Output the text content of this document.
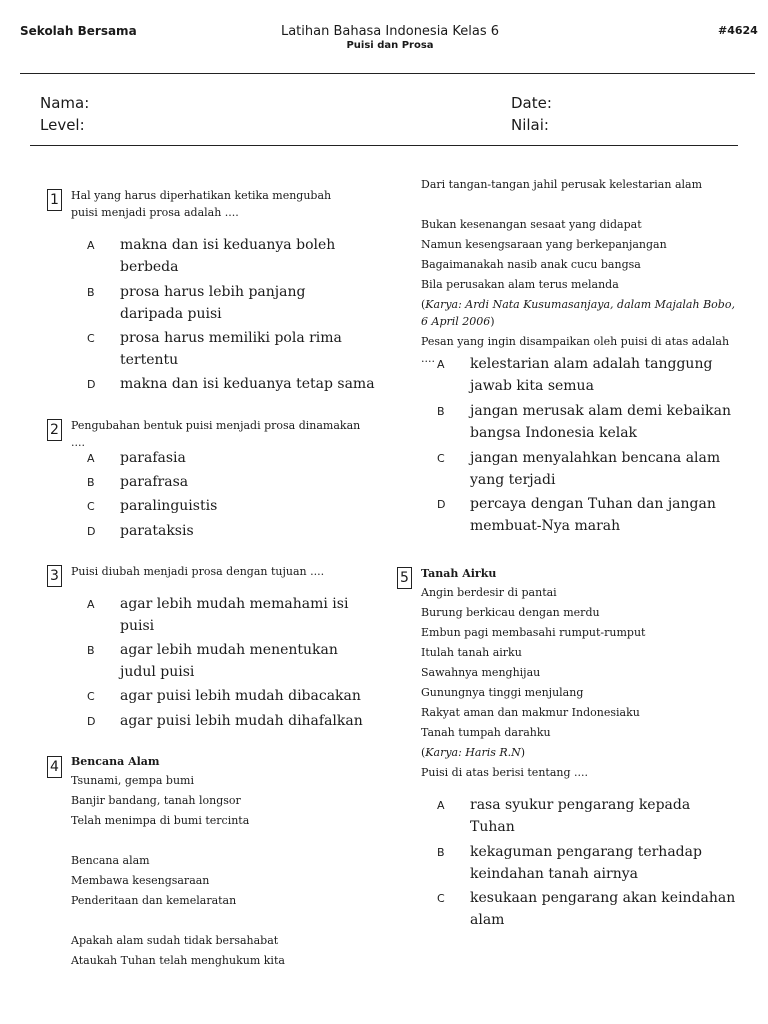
Sekolah Bersama	Latihan Bahasa Indonesia Kelas 6
Puisi dan Prosa
#4624
Nama:
Level:
Date:
Nilai:
1 Hal yang harus diperhatikan ketika mengubah puisi menjadi prosa adalah ....
A	makna dan isi keduanya boleh berbeda
B	prosa harus lebih panjang daripada puisi
C	prosa harus memiliki pola rima tertentu
D makna dan isi keduanya tetap sama
2 Pengubahan bentuk puisi menjadi prosa dinamakan ....
A	parafasia
B	parafrasa
C	paralinguistis
D parataksis
3 Puisi diubah menjadi prosa dengan tujuan ....
A	agar lebih mudah memahami isi puisi
B	agar lebih mudah menentukan judul puisi
C	agar puisi lebih mudah dibacakan
D agar puisi lebih mudah dihafalkan
4 Bencana Alam
Tsunami, gempa bumi
Banjir bandang, tanah longsor
Telah menimpa di bumi tercinta

Bencana alam
Membawa kesengsaraan
Penderitaan dan kemelaratan

Apakah alam sudah tidak bersahabat
Ataukah Tuhan telah menghukum kita
Dari tangan-tangan jahil perusak kelestarian alam

Bukan kesenangan sesaat yang didapat
Namun kesengsaraan yang berkepanjangan
Bagaimanakah nasib anak cucu bangsa
Bila perusakan alam terus melanda
(Karya: Ardi Nata Kusumasanjaya, dalam Majalah Bobo, 6 April 2006)
Pesan yang ingin disampaikan oleh puisi di atas adalah .... A	kelestarian alam adalah tanggung jawab kita semua
B	jangan merusak alam demi kebaikan bangsa Indonesia kelak
C	jangan menyalahkan bencana alam yang terjadi
D percaya dengan Tuhan dan jangan membuat-Nya marah
5 Tanah Airku
Angin berdesir di pantai
Burung berkicau dengan merdu
Embun pagi membasahi rumput-rumput
Itulah tanah airku
Sawahnya menghijau
Gunungnya tinggi menjulang
Rakyat aman dan makmur Indonesiaku
Tanah tumpah darahku
(Karya: Haris R.N)
Puisi di atas berisi tentang ....
A	rasa syukur pengarang kepada Tuhan
B	kekaguman pengarang terhadap keindahan tanah airnya
C	kesukaan pengarang akan keindahan alam
